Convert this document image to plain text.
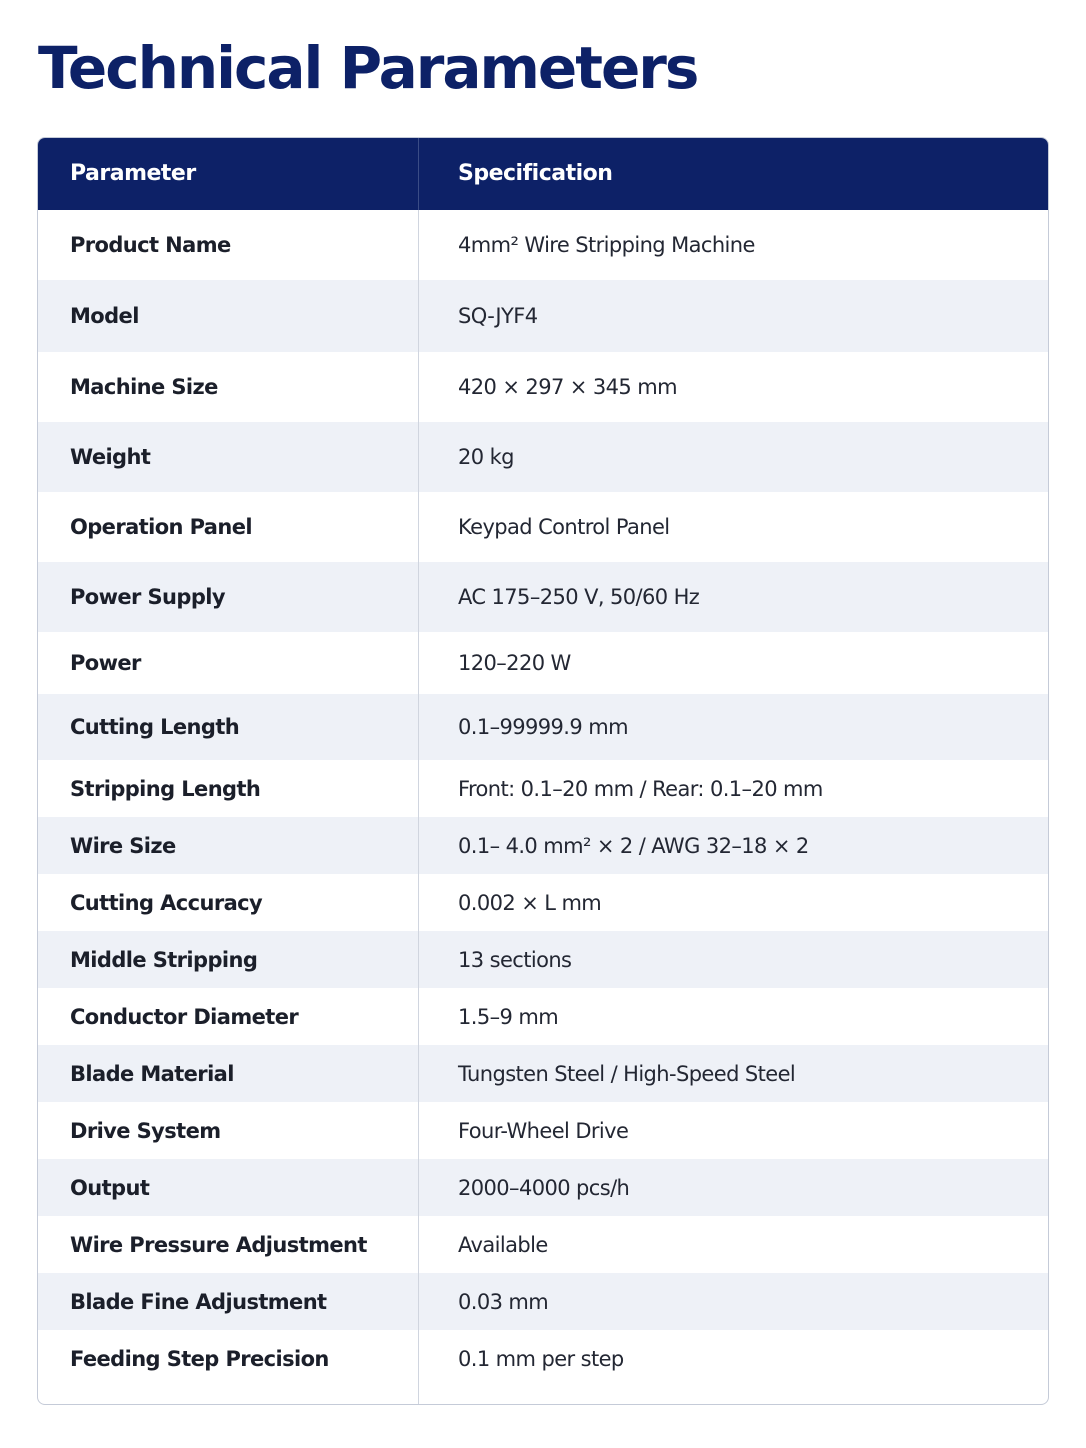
Technical Parameters
Parameter	Specification
Product Name	4mm² Wire Stripping Machine
Model	SQ-JYF4
Machine Size	420 × 297 × 345 mm
Weight	20 kg
Operation Panel	Keypad Control Panel
Power Supply	AC 175–250 V, 50/60 Hz
Power	120–220 W
Cutting Length	0.1–99999.9 mm
Stripping Length	Front: 0.1–20 mm / Rear: 0.1–20 mm
Wire Size	0.1– 4.0 mm² × 2 / AWG 32–18 × 2
Cutting Accuracy	0.002 × L mm
Middle Stripping	13 sections
Conductor Diameter	1.5–9 mm
Blade Material	Tungsten Steel / High-Speed Steel
Drive System	Four-Wheel Drive
Output	2000–4000 pcs/h
Wire Pressure Adjustment	Available
Blade Fine Adjustment	0.03 mm
Feeding Step Precision	0.1 mm per step
